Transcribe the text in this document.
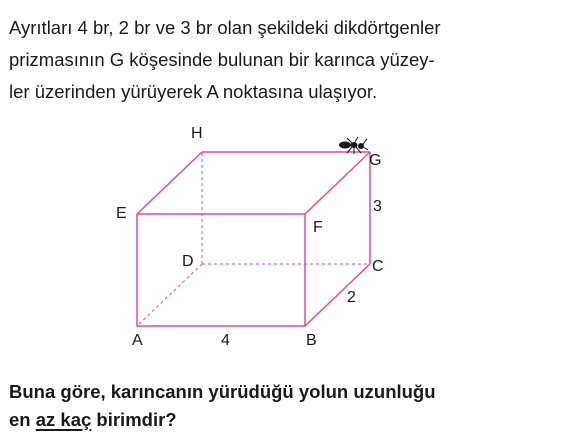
Ayrıtları 4 br, 2 br ve 3 br olan şekildeki dikdörtgenler
prizmasının G köşesinde bulunan bir karınca yüzey-
ler üzerinden yürüyerek A noktasına ulaşıyor.

H
G
E
F
D	C
A	B
4
2
3

Buna göre, karıncanın yürüdüğü yolun uzunluğu
en az kaç birimdir?
